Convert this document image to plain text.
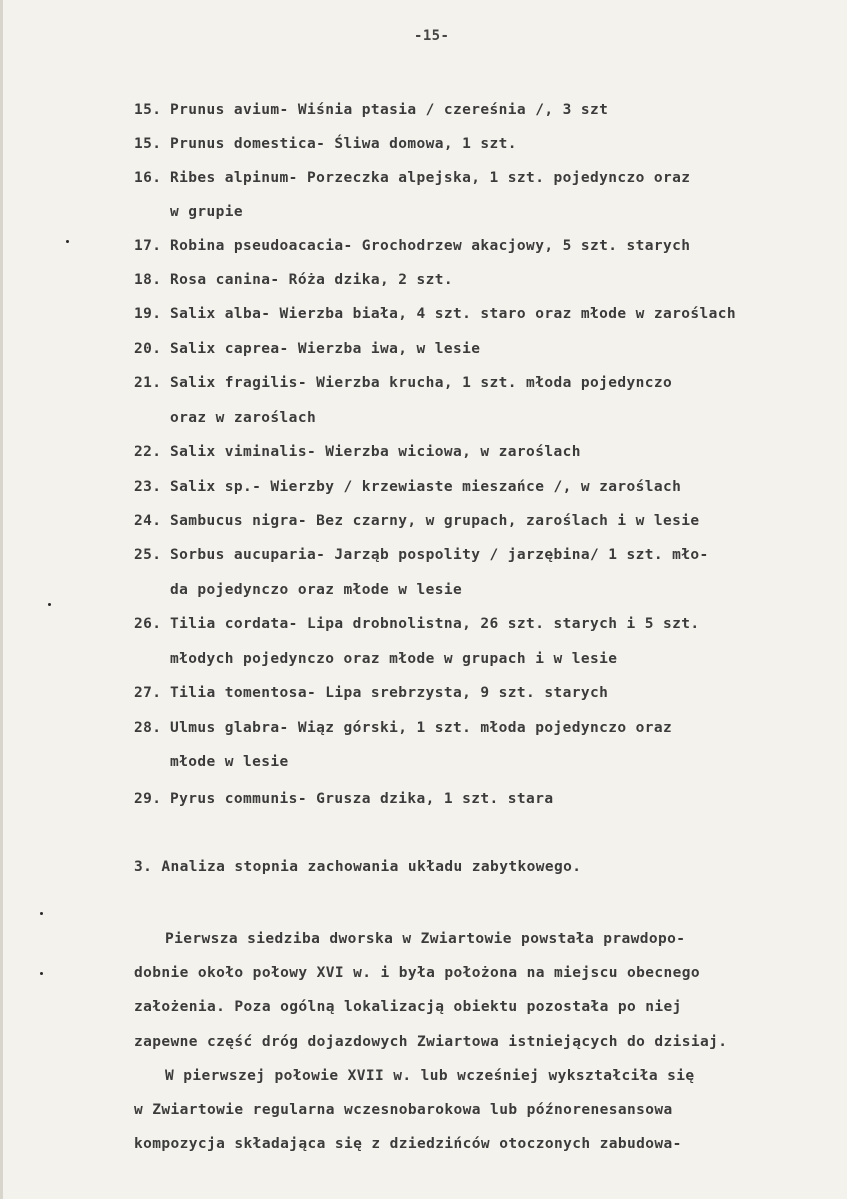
-15-
15. Prunus avium- Wiśnia ptasia / czereśnia /, 3 szt
15. Prunus domestica- Śliwa domowa, 1 szt.
16. Ribes alpinum- Porzeczka alpejska, 1 szt. pojedynczo oraz
w grupie
17. Robina pseudoacacia- Grochodrzew akacjowy, 5 szt. starych
18. Rosa canina- Róża dzika, 2 szt.
19. Salix alba- Wierzba biała, 4 szt. staro oraz młode w zaroślach
20. Salix caprea- Wierzba iwa, w lesie
21. Salix fragilis- Wierzba krucha, 1 szt. młoda pojedynczo
oraz w zaroślach
22. Salix viminalis- Wierzba wiciowa, w zaroślach
23. Salix sp.- Wierzby / krzewiaste mieszańce /, w zaroślach
24. Sambucus nigra- Bez czarny, w grupach, zaroślach i w lesie
25. Sorbus aucuparia- Jarząb pospolity / jarzębina/ 1 szt. mło-
da pojedynczo oraz młode w lesie
26. Tilia cordata- Lipa drobnolistna, 26 szt. starych i 5 szt.
młodych pojedynczo oraz młode w grupach i w lesie
27. Tilia tomentosa- Lipa srebrzysta, 9 szt. starych
28. Ulmus glabra- Wiąz górski, 1 szt. młoda pojedynczo oraz
młode w lesie
29. Pyrus communis- Grusza dzika, 1 szt. stara
3. Analiza stopnia zachowania układu zabytkowego.
Pierwsza siedziba dworska w Zwiartowie powstała prawdopo-
dobnie około połowy XVI w. i była położona na miejscu obecnego
założenia. Poza ogólną lokalizacją obiektu pozostała po niej
zapewne część dróg dojazdowych Zwiartowa istniejących do dzisiaj.
W pierwszej połowie XVII w. lub wcześniej wykształciła się
w Zwiartowie regularna wczesnobarokowa lub późnorenesansowa
kompozycja składająca się z dziedzińców otoczonych zabudowa-
